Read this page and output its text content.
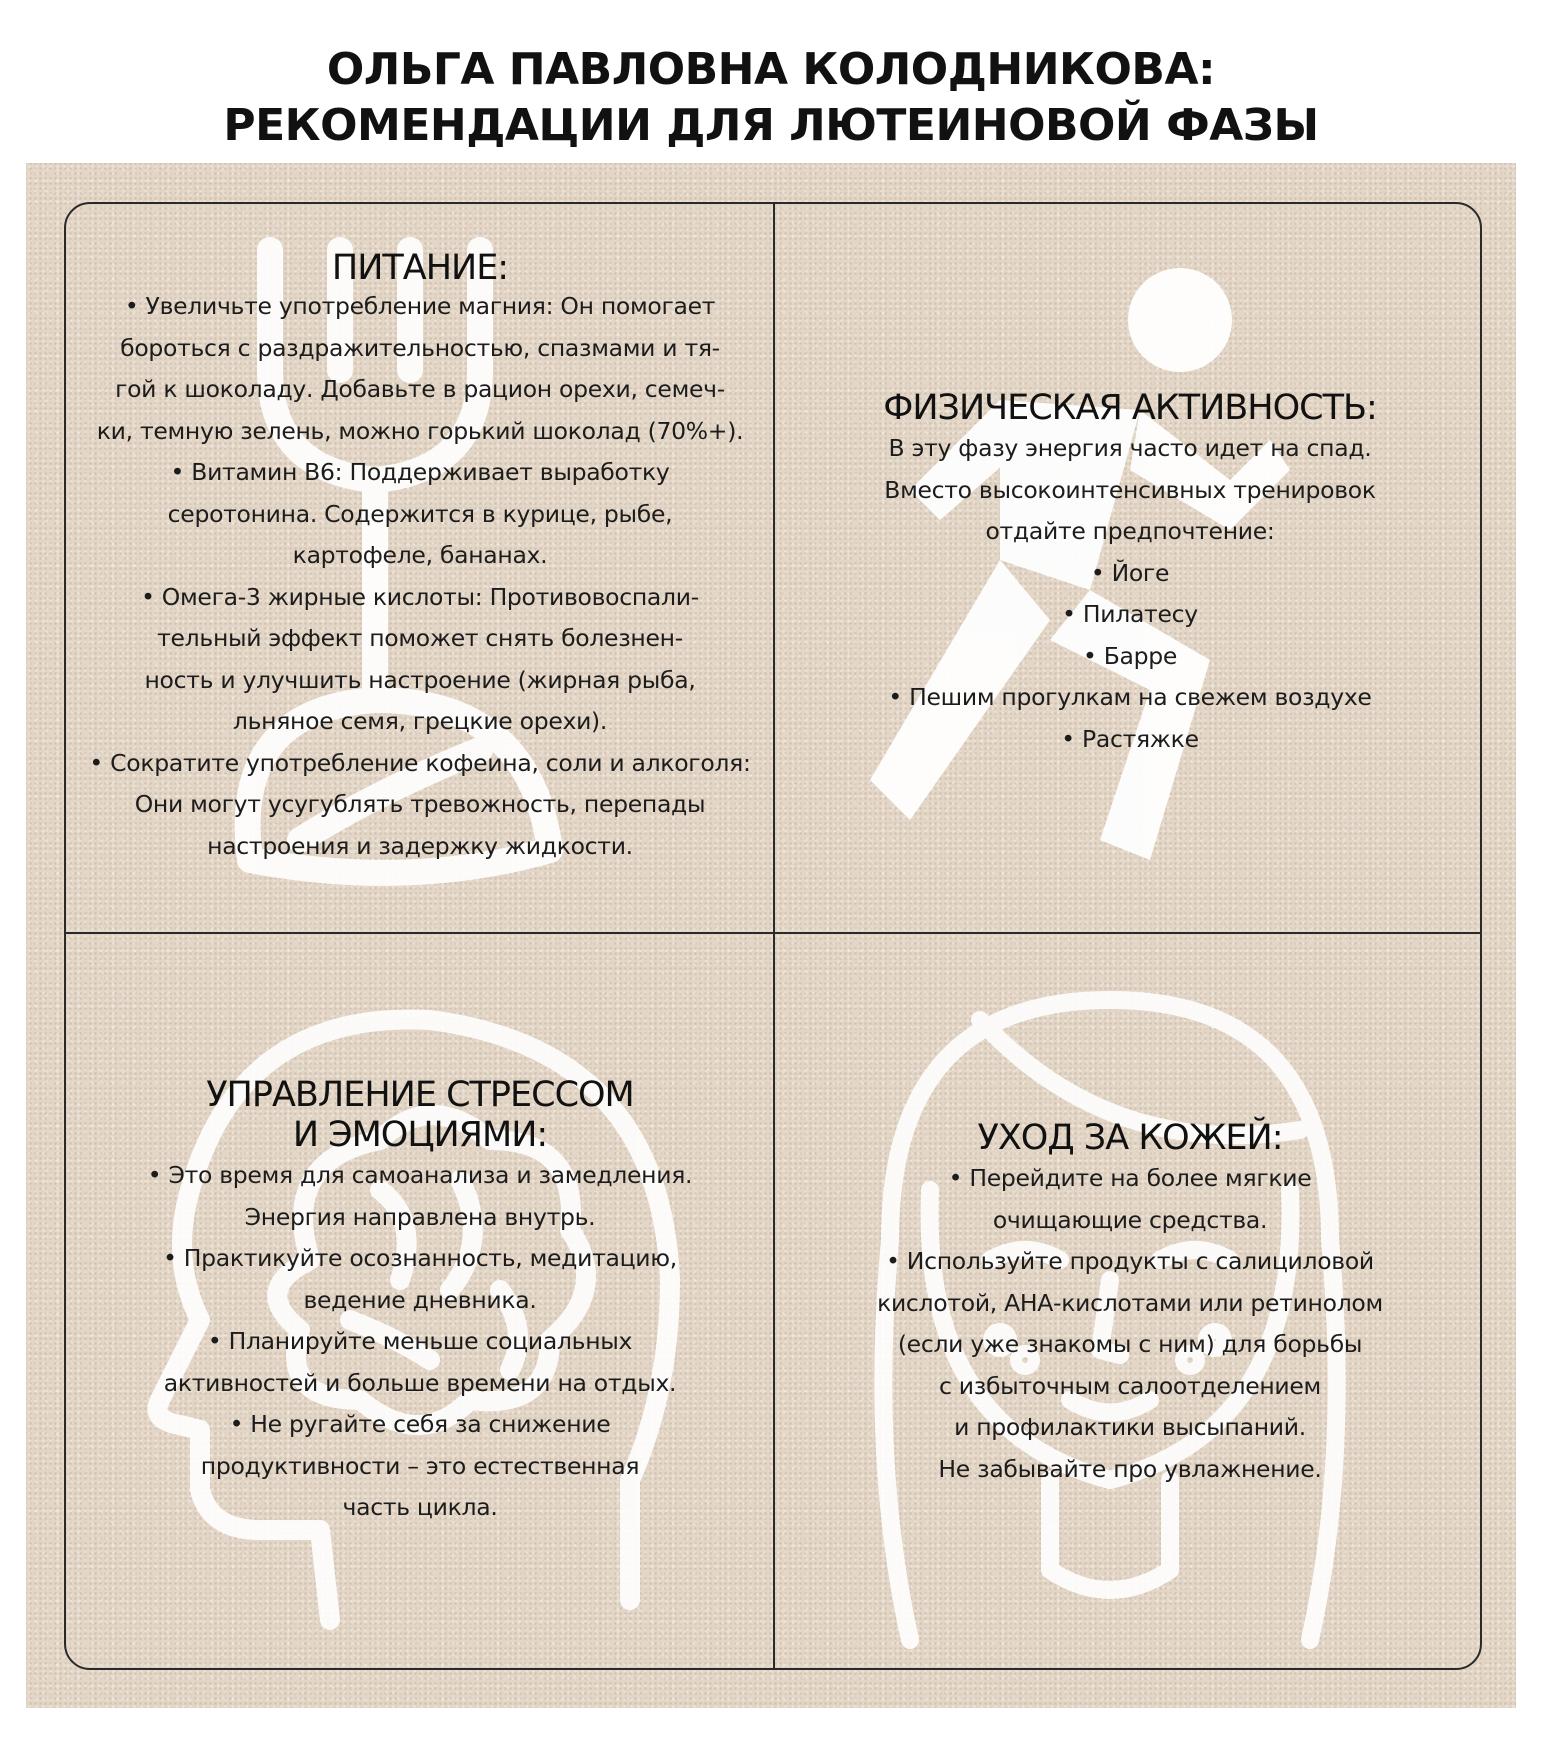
ОЛЬГА ПАВЛОВНА КОЛОДНИКОВА:
РЕКОМЕНДАЦИИ ДЛЯ ЛЮТЕИНОВОЙ ФАЗЫ
ПИТАНИЕ:
• Увеличьте употребление магния: Он помогает
бороться с раздражительностью, спазмами и тя-
гой к шоколаду. Добавьте в рацион орехи, семеч-
ки, темную зелень, можно горький шоколад (70%+).
• Витамин B6: Поддерживает выработку
серотонина. Содержится в курице, рыбе,
картофеле, бананах.
• Омега-3 жирные кислоты: Противовоспали-
тельный эффект поможет снять болезнен-
ность и улучшить настроение (жирная рыба,
льняное семя, грецкие орехи).
• Сократите употребление кофеина, соли и алкоголя:
Они могут усугублять тревожность, перепады
настроения и задержку жидкости.
ФИЗИЧЕСКАЯ АКТИВНОСТЬ:
В эту фазу энергия часто идет на спад.
Вместо высокоинтенсивных тренировок
отдайте предпочтение:
• Йоге
• Пилатесу
• Барре
• Пешим прогулкам на свежем воздухе
• Растяжке
УПРАВЛЕНИЕ СТРЕССОМ
И ЭМОЦИЯМИ:
• Это время для самоанализа и замедления.
Энергия направлена внутрь.
• Практикуйте осознанность, медитацию,
ведение дневника.
• Планируйте меньше социальных
активностей и больше времени на отдых.
• Не ругайте себя за снижение
продуктивности – это естественная
часть цикла.
УХОД ЗА КОЖЕЙ:
• Перейдите на более мягкие
очищающие средства.
• Используйте продукты с салициловой
кислотой, АНА-кислотами или ретинолом
(если уже знакомы с ним) для борьбы
с избыточным салоотделением
и профилактики высыпаний.
Не забывайте про увлажнение.
